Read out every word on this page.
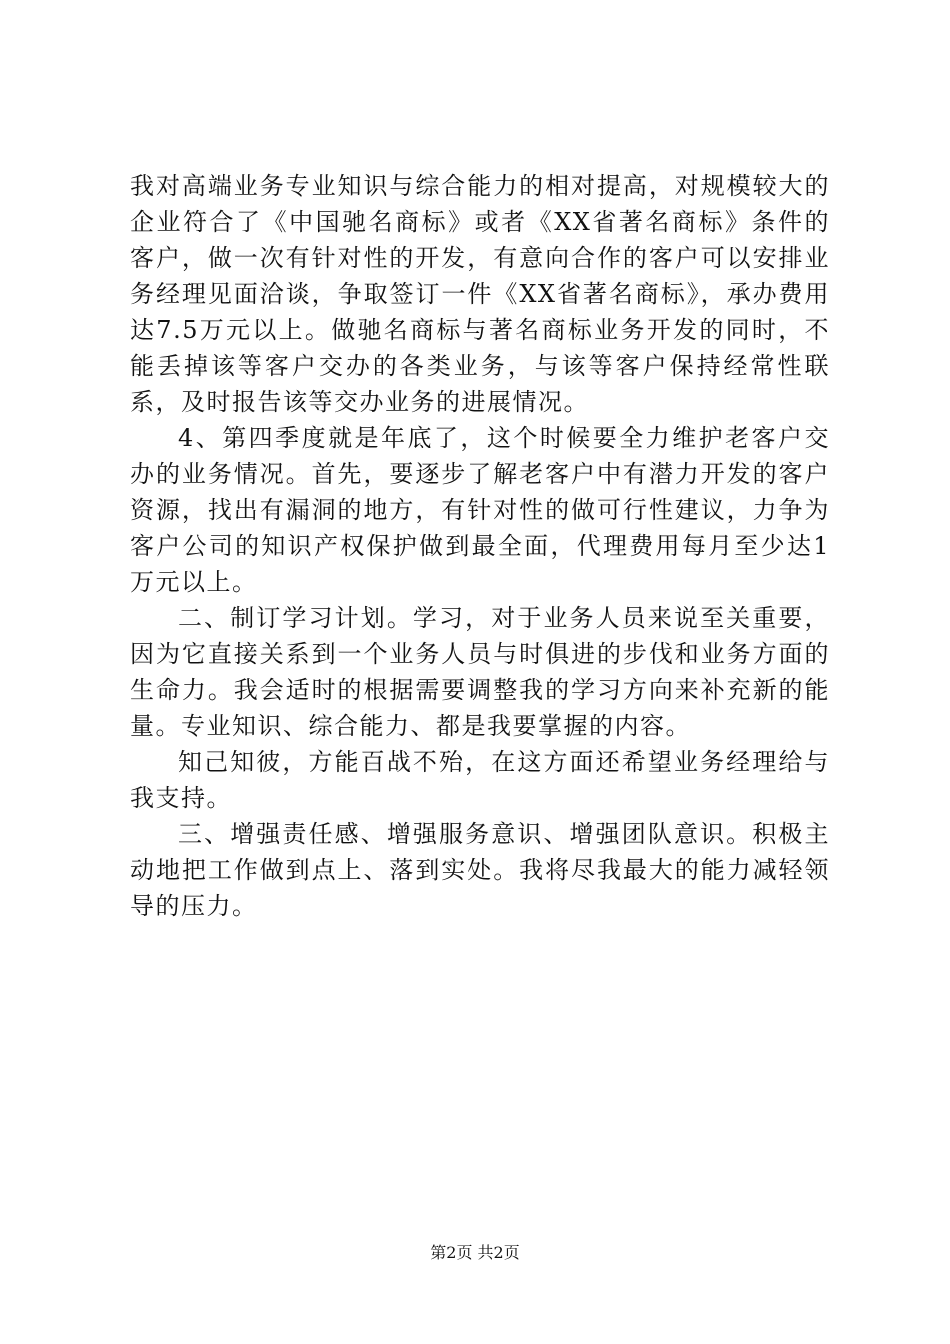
我对高端业务专业知识与综合能力的相对提高，对规模较大的企业符合了《中国驰名商标》或者《XX省著名商标》条件的客户，做一次有针对性的开发，有意向合作的客户可以安排业务经理见面洽谈，争取签订一件《XX省著名商标》，承办费用达7.5万元以上。做驰名商标与著名商标业务开发的同时，不能丢掉该等客户交办的各类业务，与该等客户保持经常性联系，及时报告该等交办业务的进展情况。

4、第四季度就是年底了，这个时候要全力维护老客户交办的业务情况。首先，要逐步了解老客户中有潜力开发的客户资源，找出有漏洞的地方，有针对性的做可行性建议，力争为客户公司的知识产权保护做到最全面，代理费用每月至少达1万元以上。

二、制订学习计划。学习，对于业务人员来说至关重要，因为它直接关系到一个业务人员与时俱进的步伐和业务方面的生命力。我会适时的根据需要调整我的学习方向来补充新的能量。专业知识、综合能力、都是我要掌握的内容。

知己知彼，方能百战不殆，在这方面还希望业务经理给与我支持。

三、增强责任感、增强服务意识、增强团队意识。积极主动地把工作做到点上、落到实处。我将尽我最大的能力减轻领导的压力。

第2页 共2页
